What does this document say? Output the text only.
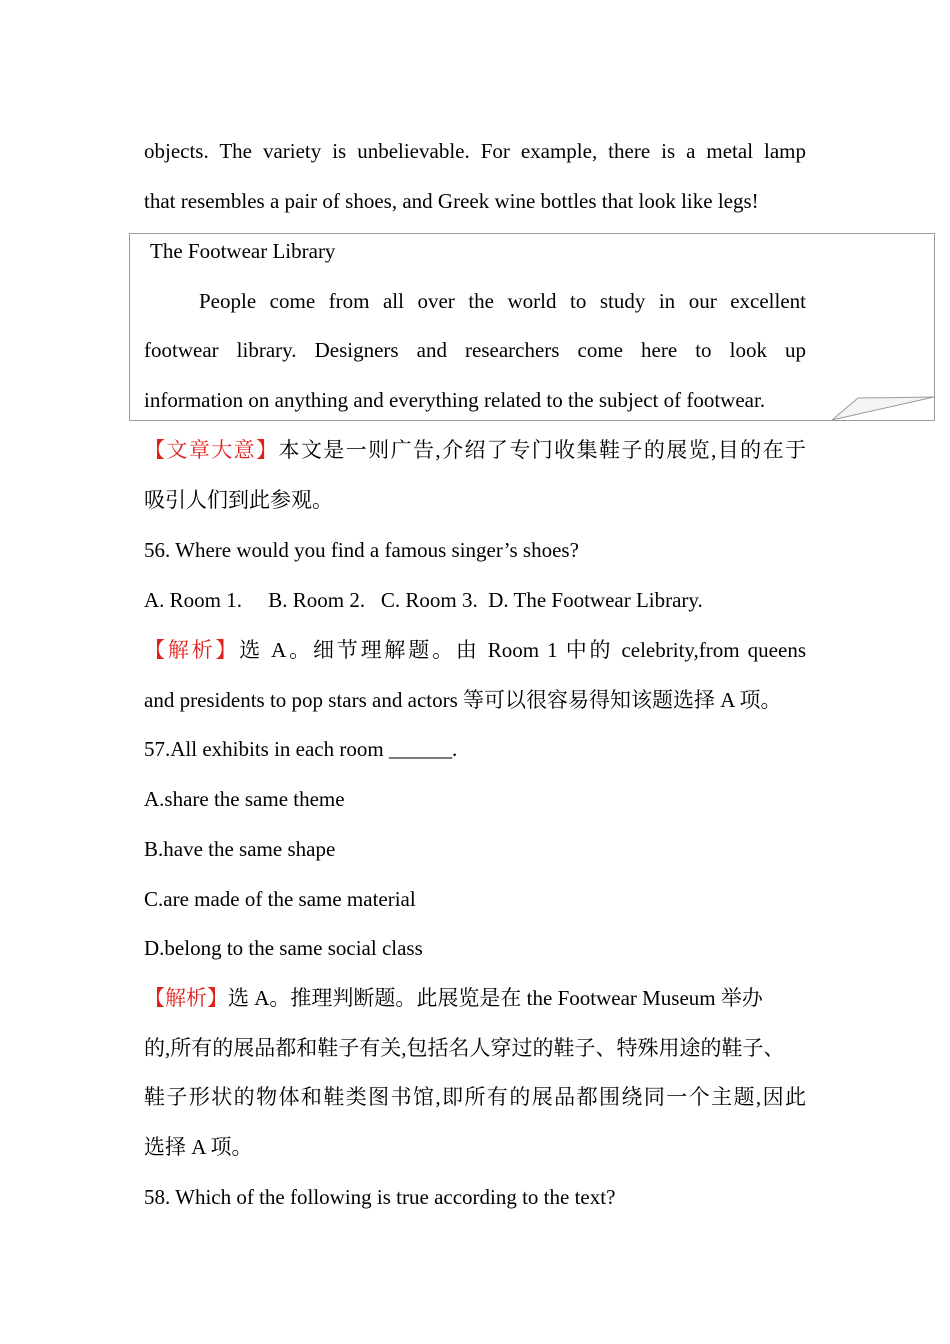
objects. The variety is unbelievable. For example, there is a metal lamp
that resembles a pair of shoes, and Greek wine bottles that look like legs!
The Footwear Library
People come from all over the world to study in our excellent
footwear library. Designers and researchers come here to look up
information on anything and everything related to the subject of footwear.
【文章大意】本文是一则广告,介绍了专门收集鞋子的展览,目的在于
吸引人们到此参观。
56. Where would you find a famous singer’s shoes?
A. Room 1.     B. Room 2.   C. Room 3.  D. The Footwear Library.
【解析】选 A。细节理解题。由 Room 1 中的 celebrity,from queens
and presidents to pop stars and actors 等可以很容易得知该题选择 A 项。
57.All exhibits in each room ______.
A.share the same theme
B.have the same shape
C.are made of the same material
D.belong to the same social class
【解析】选 A。推理判断题。此展览是在 the Footwear Museum 举办
的,所有的展品都和鞋子有关,包括名人穿过的鞋子、特殊用途的鞋子、
鞋子形状的物体和鞋类图书馆,即所有的展品都围绕同一个主题,因此
选择 A 项。
58. Which of the following is true according to the text?
